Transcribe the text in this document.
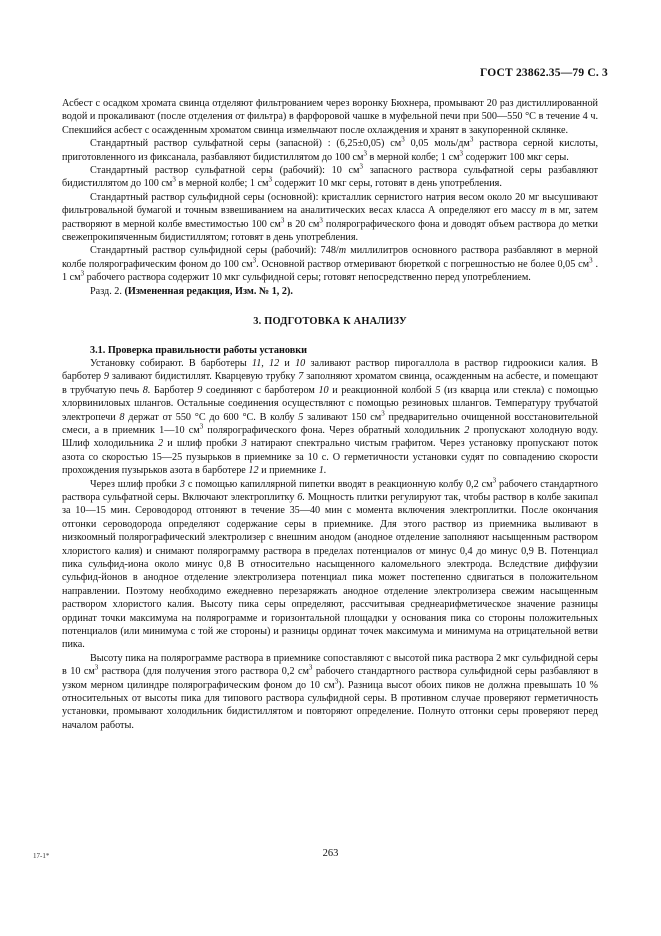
ГОСТ 23862.35—79 С. 3

Асбест с осадком хромата свинца отделяют фильтрованием через воронку Бюхнера, промывают 20 раз дистиллированной водой и прокаливают (после отделения от фильтра) в фарфоровой чашке в муфельной печи при 500—550 °С в течение 4 ч. Спекшийся асбест с осажденным хроматом свинца измельчают после охлаждения и хранят в закупоренной склянке.

Стандартный раствор сульфатной серы (запасной) : (6,25±0,05) $см^3$ 0,05 моль/$дм^3$ раствора серной кислоты, приготовленного из фиксанала, разбавляют бидистиллятом до 100 $см^3$ в мерной колбе; 1 $см^3$ содержит 100 мкг серы.

Стандартный раствор сульфатной серы (рабочий): 10 $см^3$ запасного раствора сульфатной серы разбавляют бидистиллятом до 100 $см^3$ в мерной колбе; 1 $см^3$ содержит 10 мкг серы, готовят в день употребления.

Стандартный раствор сульфидной серы (основной): кристаллик сернистого натрия весом около 20 мг высушивают фильтровальной бумагой и точным взвешиванием на аналитических весах класса А определяют его массу m в мг, затем растворяют в мерной колбе вместимостью 100 $см^3$ в 20 $см^3$ полярографического фона и доводят объем раствора до метки свежепрокипяченным бидистиллятом; готовят в день употребления.

Стандартный раствор сульфидной серы (рабочий): 748/m миллилитров основного раствора разбавляют в мерной колбе полярографическим фоном до 100 $см^3$. Основной раствор отмеривают бюреткой с погрешностью не более 0,05 $см^3$ . 1 $см^3$ рабочего раствора содержит 10 мкг сульфидной серы; готовят непосредственно перед употреблением.

Разд. 2. (Измененная редакция, Изм. № 1, 2).

3. ПОДГОТОВКА К АНАЛИЗУ

3.1. Проверка правильности работы установки

Установку собирают. В барботеры 11, 12 и 10 заливают раствор пирогаллола в раствор гидроокиси калия. В барботер 9 заливают бидистиллят. Кварцевую трубку 7 заполняют хроматом свинца, осажденным на асбесте, и помещают в трубчатую печь 8. Барботер 9 соединяют с барботером 10 и реакционной колбой 5 (из кварца или стекла) с помощью хлорвиниловых шлангов. Остальные соединения осуществляют с помощью резиновых шлангов. Температуру трубчатой электропечи 8 держат от 550 °С до 600 °С. В колбу 5 заливают 150 $см^3$ предварительно очищенной восстановительной смеси, а в приемник 1—10 $см^3$ полярографического фона. Через обратный холодильник 2 пропускают холодную воду. Шлиф холодильника 2 и шлиф пробки 3 натирают спектрально чистым графитом. Через установку пропускают поток азота со скоростью 15—25 пузырьков в приемнике за 10 с. О герметичности установки судят по совпадению скорости прохождения пузырьков азота в барботере 12 и приемнике 1.

Через шлиф пробки 3 с помощью капиллярной пипетки вводят в реакционную колбу 0,2 $см^3$ рабочего стандартного раствора сульфатной серы. Включают электроплитку 6. Мощность плитки регулируют так, чтобы раствор в колбе закипал за 10—15 мин. Сероводород отгоняют в течение 35—40 мин с момента включения электроплитки. После окончания отгонки сероводорода определяют содержание серы в приемнике. Для этого раствор из приемника выливают в низкоомный полярографический электролизер с внешним анодом (анодное отделение заполняют насыщенным раствором хлористого калия) и снимают полярограмму раствора в пределах потенциалов от минус 0,4 до минус 0,9 В. Потенциал пика сульфид-иона около минус 0,8 В относительно насыщенного каломельного электрода. Вследствие диффузии сульфид-йонов в анодное отделение электролизера потенциал пика может постепенно сдвигаться в положительном направлении. Поэтому необходимо ежедневно перезаряжать анодное отделение электролизера свежим насыщенным раствором хлористого калия. Высоту пика серы определяют, рассчитывая среднеарифметическое значение разницы ординат точки максимума на полярограмме и горизонтальной площадки у основания пика со стороны положительных потенциалов (или минимума с той же стороны) и разницы ординат точек максимума и минимума на отрицательной ветви пика.

Высоту пика на полярограмме раствора в приемнике сопоставляют с высотой пика раствора 2 мкг сульфидной серы в 10 $см^3$ раствора (для получения этого раствора 0,2 $см^3$ рабочего стандартного раствора сульфидной серы разбавляют в узком мерном цилиндре полярографическим фоном до 10 $см^3$). Разница высот обоих пиков не должна превышать 10 % относительных от высоты пика для типового раствора сульфидной серы. В противном случае проверяют герметичность установки, промывают холодильник бидистиллятом и повторяют определение. Полнуто отгонки серы проверяют перед началом работы.

17-1*	263
